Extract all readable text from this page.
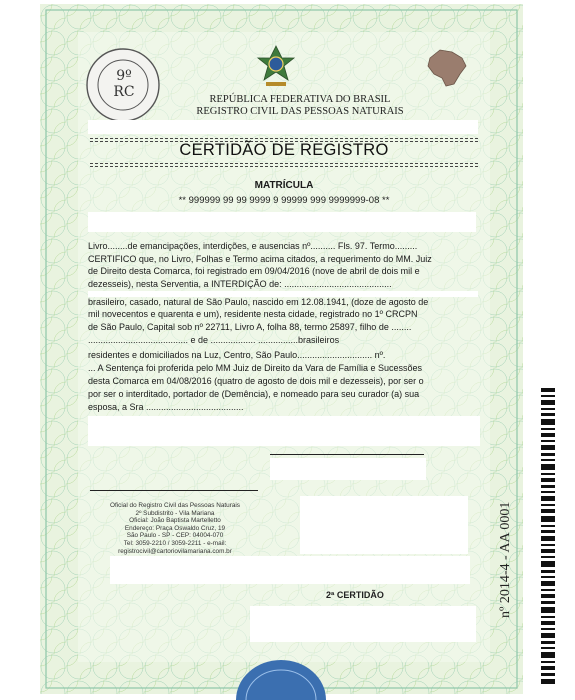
9º RC	REPÚBLICA FEDERATIVA DO BRASIL
REGISTRO CIVIL DAS PESSOAS NATURAIS
CERTIDÃO DE REGISTRO
MATRÍCULA
** 999999 99 99 9999 9 99999 999 9999999-08 **
Livro........de emancipações, interdições, e ausencias nº.......... Fls. 97. Termo.........
CERTIFICO que, no Livro, Folhas e Termo acima citados, a requerimento do MM. Juiz
de Direito desta Comarca, foi registrado em 09/04/2016 (nove de abril de dois mil e
dezesseis), nesta Serventia, a INTERDIÇÃO de: ...........................................
brasileiro, casado, natural de São Paulo, nascido em 12.08.1941, (doze de agosto de
mil novecentos e quarenta e um), residente nesta cidade, registrado no 1º CRCPN
de São Paulo, Capital sob nº 22711, Livro A, folha 88, termo 25897, filho de ........
........................................ e de .................. ................brasileiros
residentes e domiciliados na Luz, Centro, São Paulo.............................. nº.
... A Sentença foi proferida pelo MM Juiz de Direito da Vara de Família e Sucessões
desta Comarca em 04/08/2016 (quatro de agosto de dois mil e dezesseis), por ser o
por ser o interditado, portador de (Demência), e nomeado para seu curador (a) sua
esposa, a Sra .......................................
Oficial do Registro Civil das Pessoas Naturais
2º Subdistrito - Vila Mariana
Oficial: João Baptista Martelletto
Endereço: Praça Oswaldo Cruz, 19
São Paulo - SP - CEP: 04004-070
Tel: 3059-2210 / 3059-2211 - e-mail:
registrocivil@cartoriovilamariana.com.br
2ª CERTIDÃO	nº 2014-4 - AA 0001
